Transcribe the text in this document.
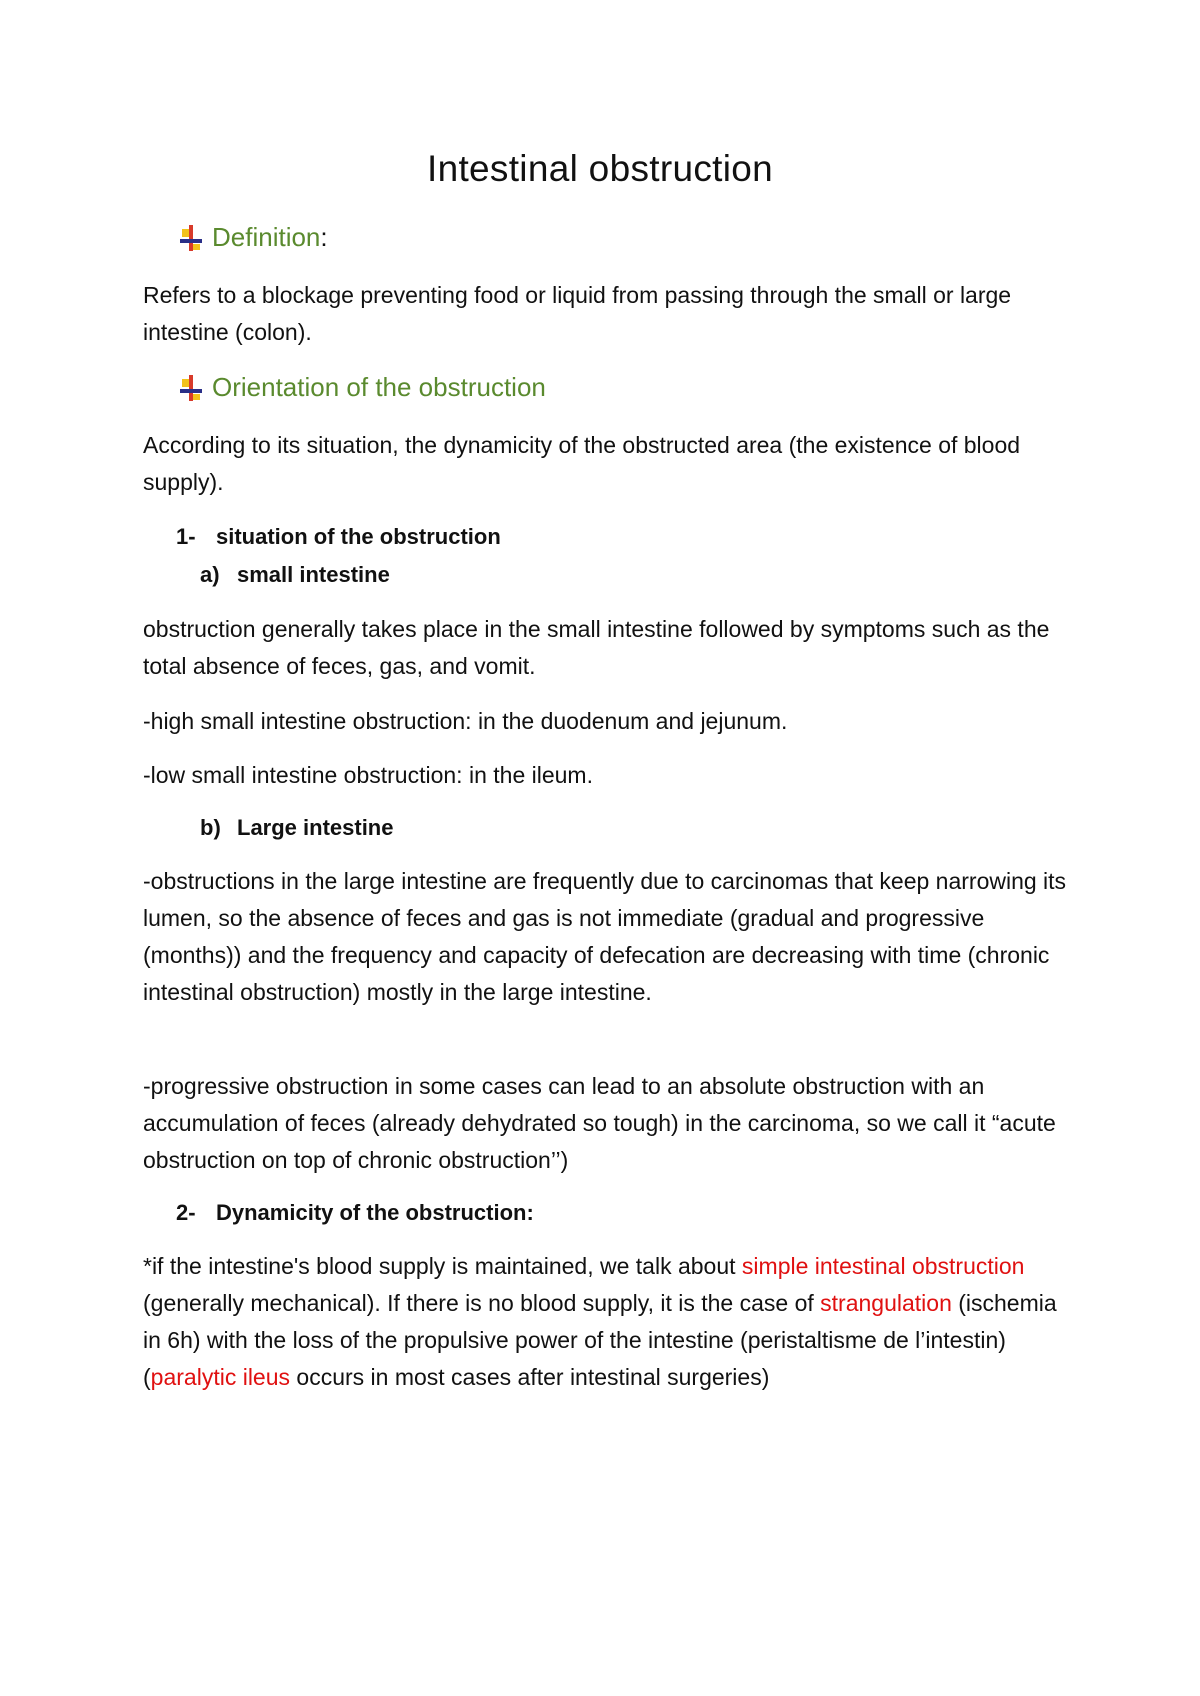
Intestinal obstruction
Definition :

Refers to a blockage preventing food or liquid from passing through the small or large intestine (colon).

Orientation of the obstruction

According to its situation, the dynamicity of the obstructed area (the existence of blood supply).

1- situation of the obstruction
a) small intestine

obstruction generally takes place in the small intestine followed by symptoms such as the total absence of feces, gas, and vomit.

-high small intestine obstruction: in the duodenum and jejunum.

-low small intestine obstruction: in the ileum.

b) Large intestine

-obstructions in the large intestine are frequently due to carcinomas that keep narrowing its lumen, so the absence of feces and gas is not immediate (gradual and progressive (months)) and the frequency and capacity of defecation are decreasing with time (chronic intestinal obstruction) mostly in the large intestine.

-progressive obstruction in some cases can lead to an absolute obstruction with an accumulation of feces (already dehydrated so tough) in the carcinoma, so we call it “acute obstruction on top of chronic obstruction’’)

2- Dynamicity of the obstruction:

*if the intestine's blood supply is maintained, we talk about simple intestinal obstruction (generally mechanical). If there is no blood supply, it is the case of strangulation (ischemia in 6h) with the loss of the propulsive power of the intestine (peristaltisme de l’intestin) (paralytic ileus occurs in most cases after intestinal surgeries)
